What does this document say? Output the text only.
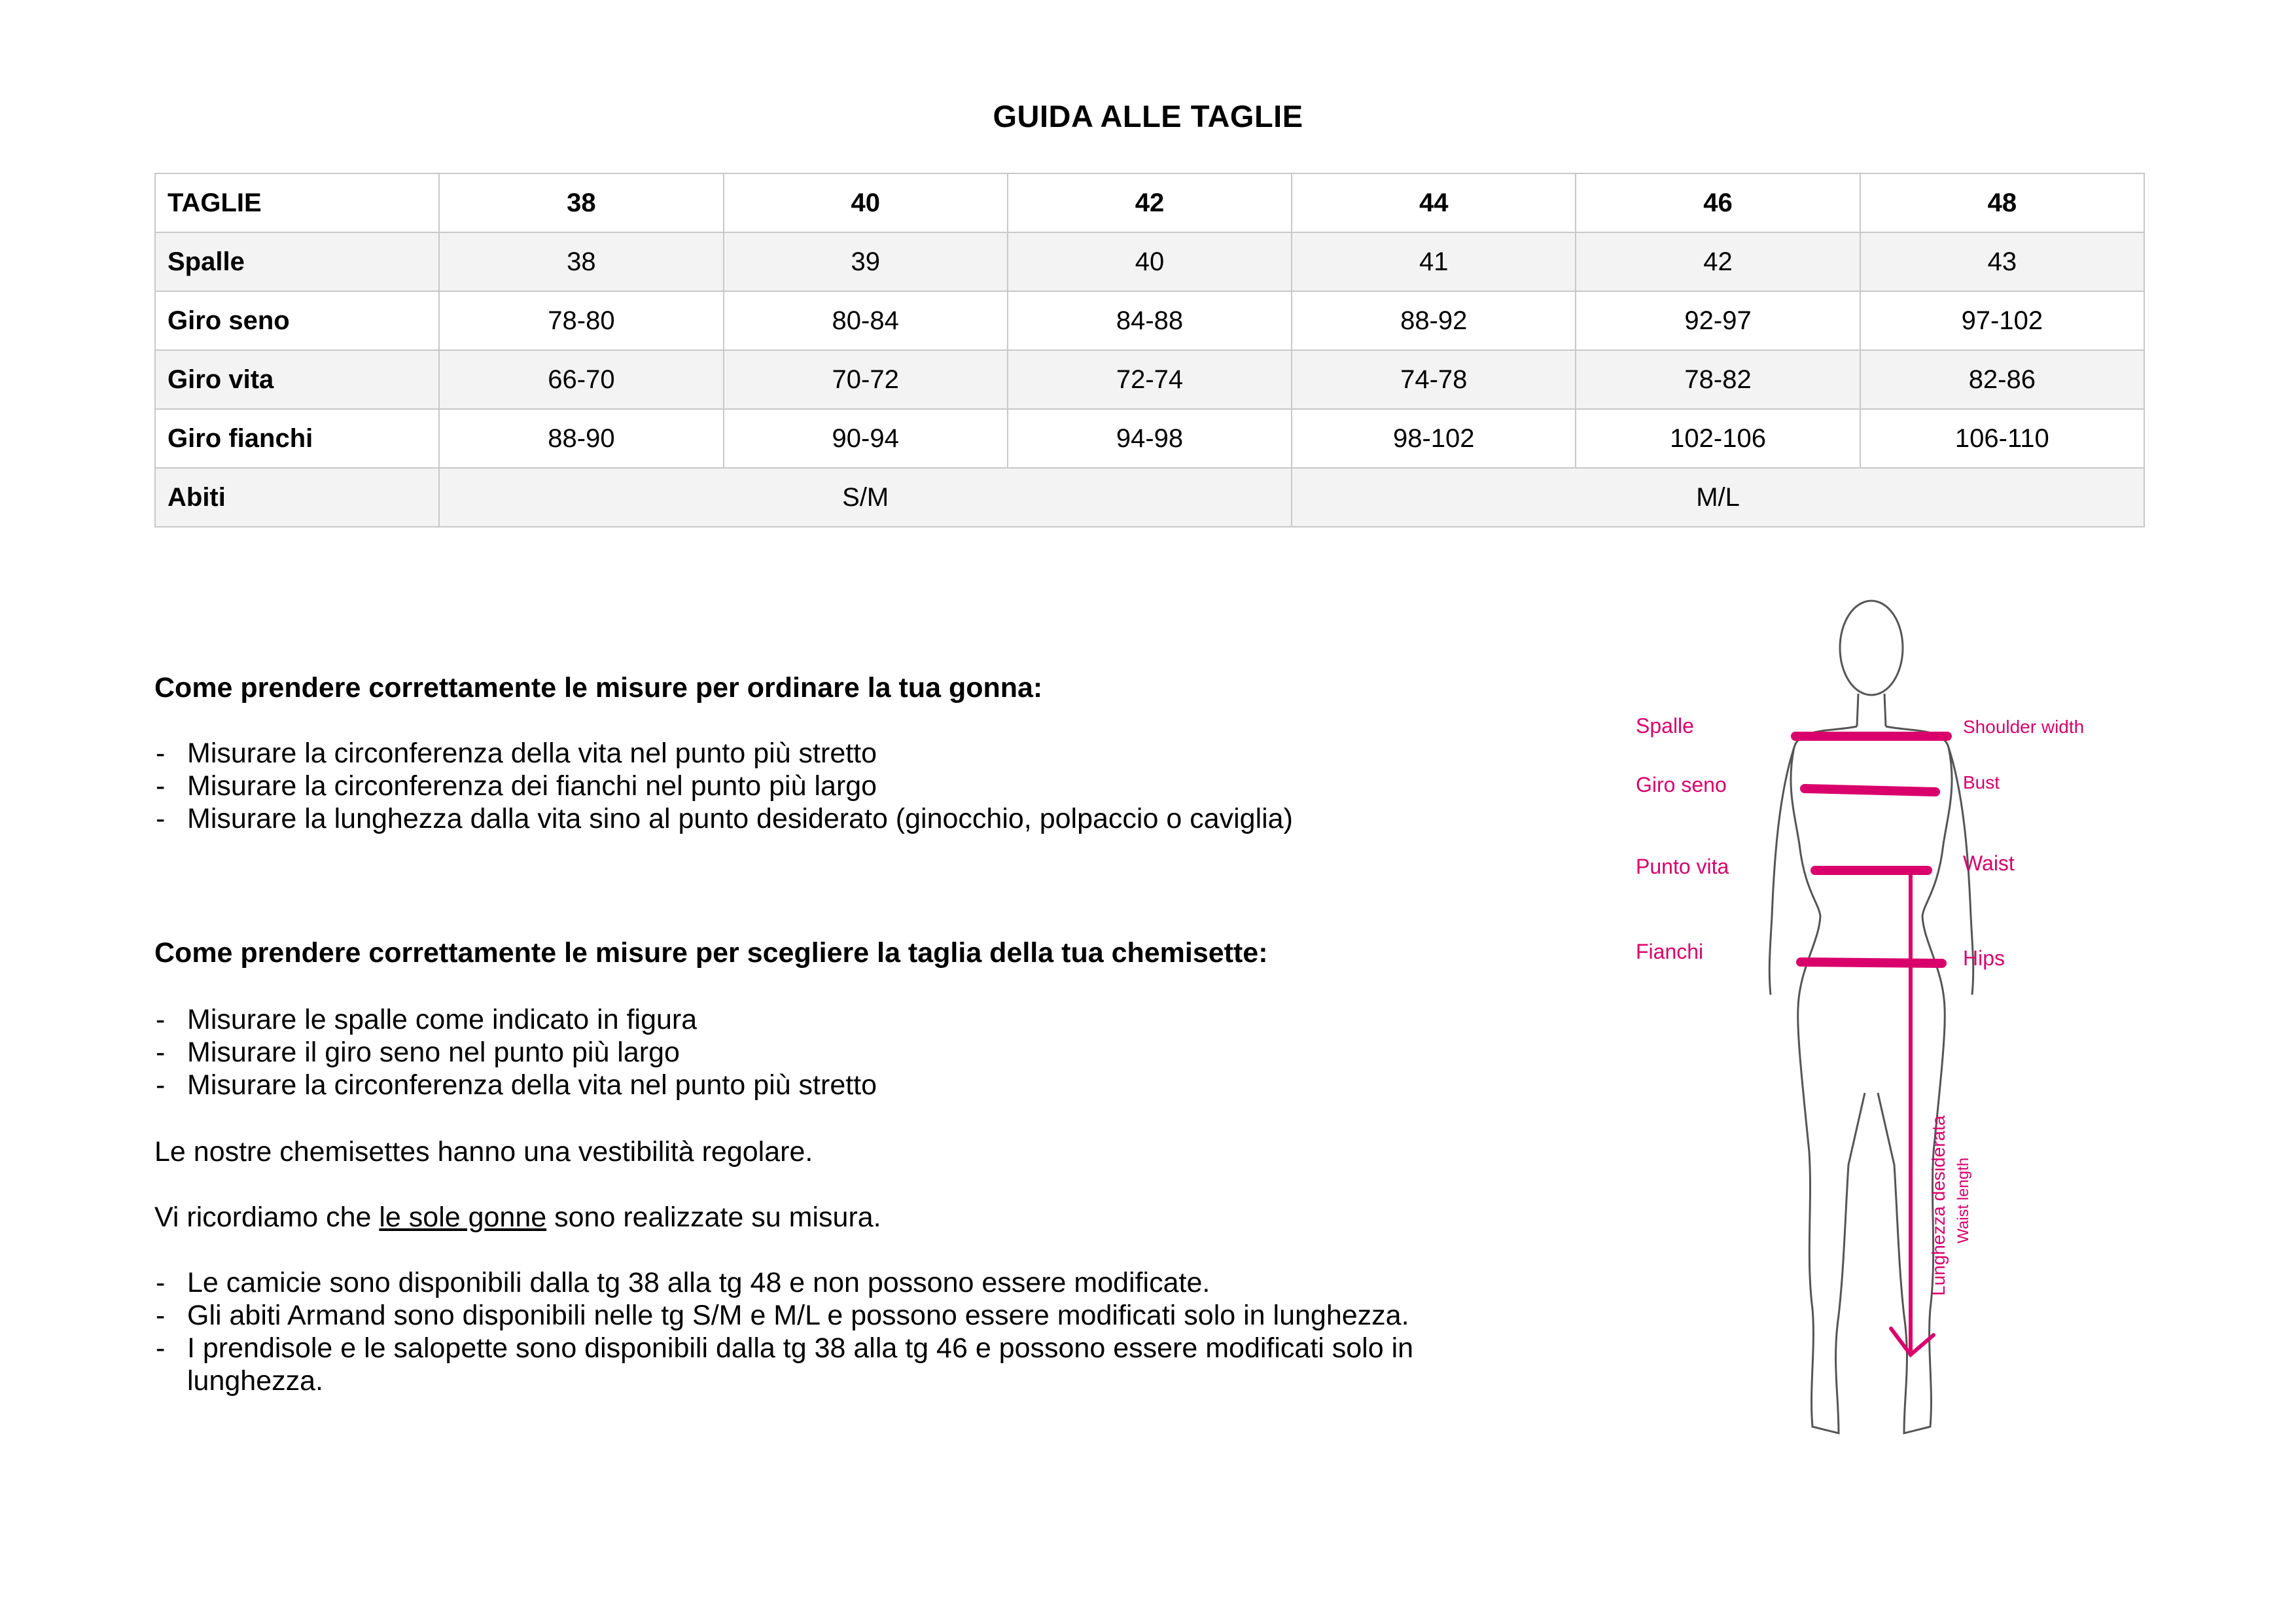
GUIDA ALLE TAGLIE
TAGLIE	38	40	42	44	46	48
Spalle	38	39	40	41	42	43
Giro seno	78-80	80-84	84-88	88-92	92-97	97-102
Giro vita	66-70	70-72	72-74	74-78	78-82	82-86
Giro fianchi	88-90	90-94	94-98	98-102	102-106	106-110
Abiti	S/M			M/L		

Come prendere correttamente le misure per ordinare la tua gonna:

- Misurare la circonferenza della vita nel punto più stretto
- Misurare la circonferenza dei fianchi nel punto più largo
- Misurare la lunghezza dalla vita sino al punto desiderato (ginocchio, polpaccio o caviglia)

Come prendere correttamente le misure per scegliere la taglia della tua chemisette:

- Misurare le spalle come indicato in figura
- Misurare il giro seno nel punto più largo
- Misurare la circonferenza della vita nel punto più stretto

Le nostre chemisettes hanno una vestibilità regolare.

Vi ricordiamo che le sole gonne sono realizzate su misura.

- Le camicie sono disponibili dalla tg 38 alla tg 48 e non possono essere modificate.
- Gli abiti Armand sono disponibili nelle tg S/M e M/L e possono essere modificati solo in lunghezza.
- I prendisole e le salopette sono disponibili dalla tg 38 alla tg 46 e possono essere modificati solo in lunghezza.
Spalle
Giro seno
Punto vita
Fianchi
Shoulder width
Bust
Waist
Hips
Lunghezza desiderata Waist length
